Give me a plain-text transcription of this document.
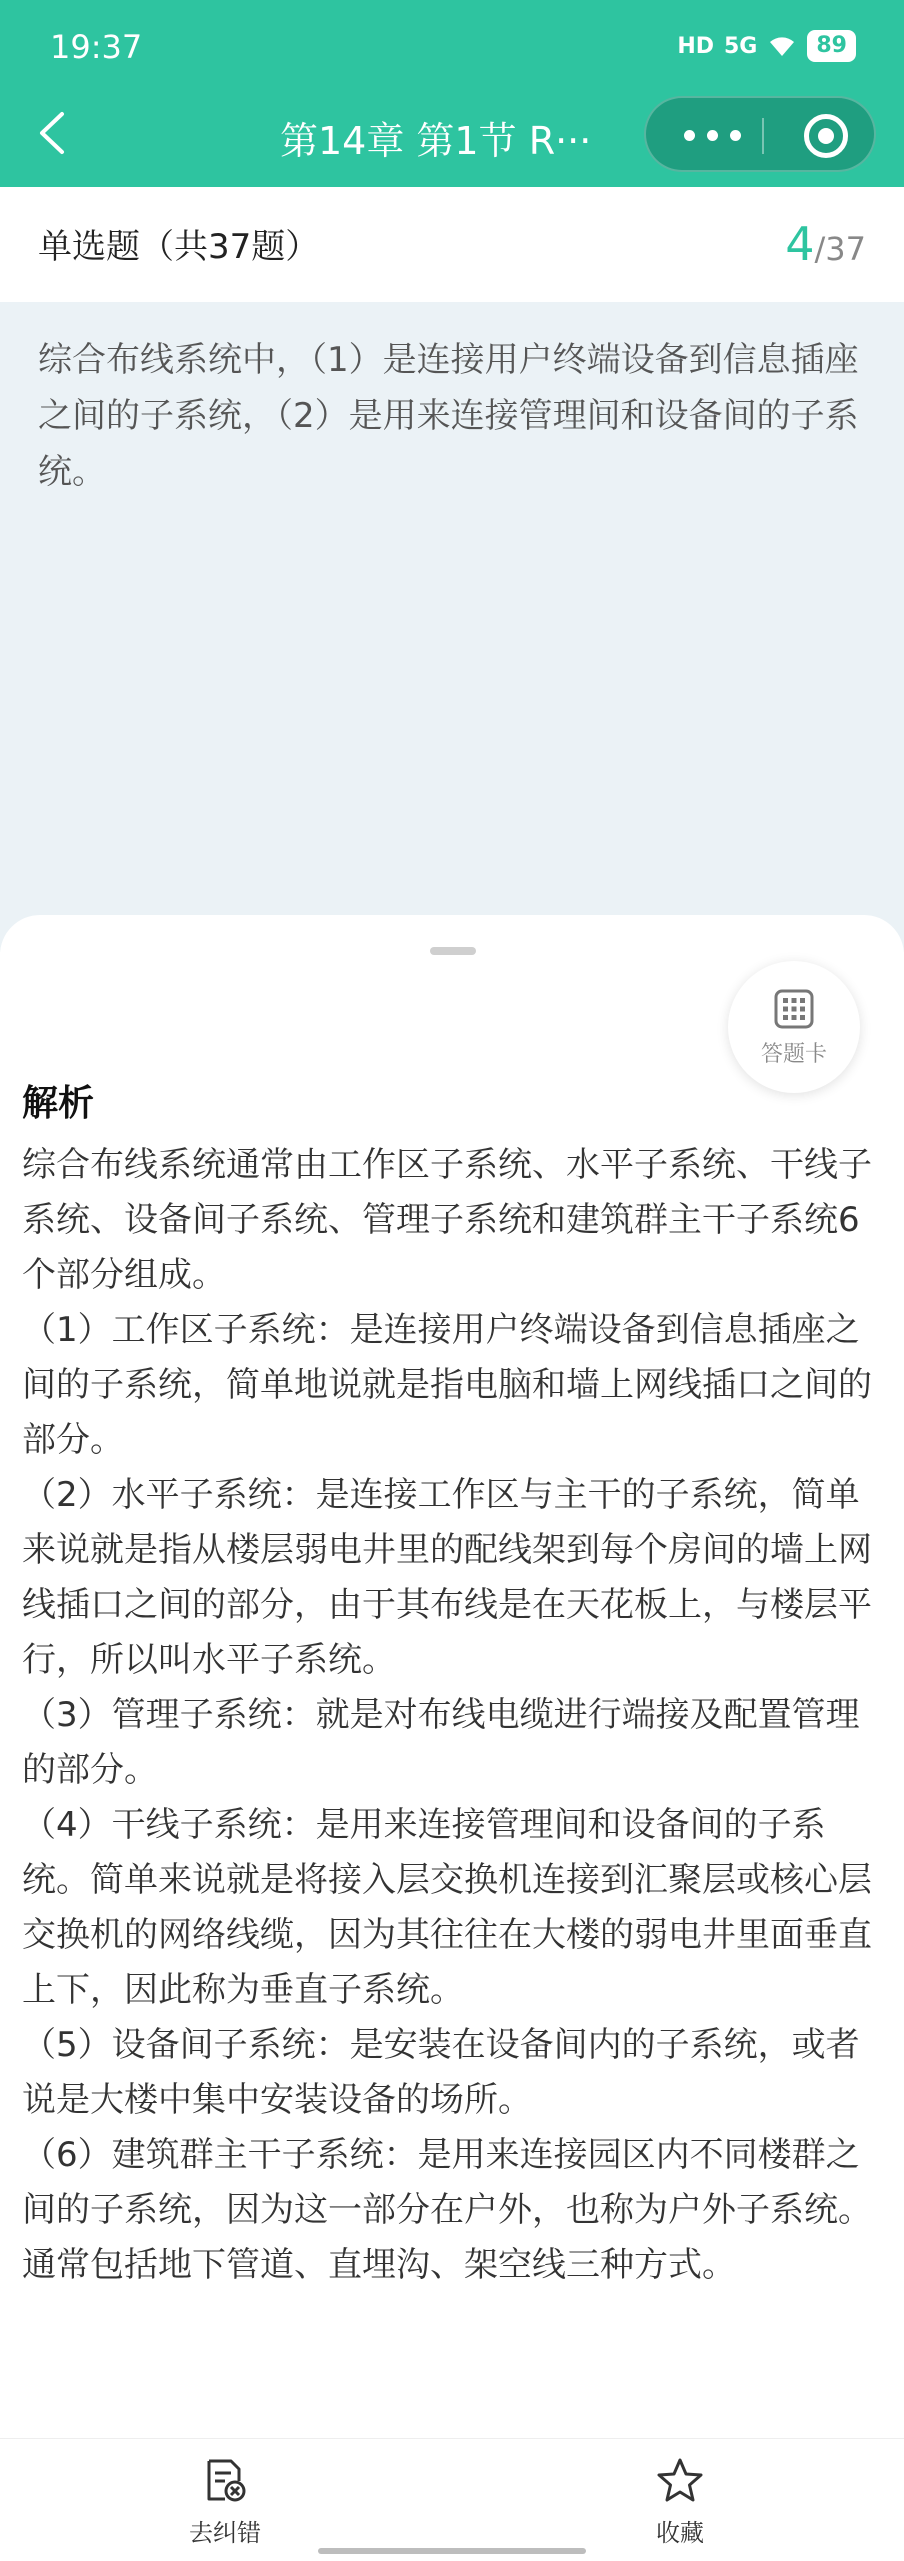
19:37	HD 5G	89
第14章 第1节 R···
单选题（共37题）	4/37
综合布线系统中，（1）是连接用户终端设备到信息插座之间的子系统，（2）是用来连接管理间和设备间的子系统。
答题卡
解析

综合布线系统通常由工作区子系统、水平子系统、干线子系统、设备间子系统、管理子系统和建筑群主干子系统6个部分组成。

（1）工作区子系统：是连接用户终端设备到信息插座之间的子系统，简单地说就是指电脑和墙上网线插口之间的部分。

（2）水平子系统：是连接工作区与主干的子系统，简单来说就是指从楼层弱电井里的配线架到每个房间的墙上网线插口之间的部分，由于其布线是在天花板上，与楼层平行，所以叫水平子系统。

（3）管理子系统：就是对布线电缆进行端接及配置管理的部分。

（4）干线子系统：是用来连接管理间和设备间的子系统。简单来说就是将接入层交换机连接到汇聚层或核心层交换机的网络线缆，因为其往往在大楼的弱电井里面垂直上下，因此称为垂直子系统。

（5）设备间子系统：是安装在设备间内的子系统，或者说是大楼中集中安装设备的场所。

（6）建筑群主干子系统：是用来连接园区内不同楼群之间的子系统，因为这一部分在户外，也称为户外子系统。通常包括地下管道、直埋沟、架空线三种方式。

去纠错	收藏
